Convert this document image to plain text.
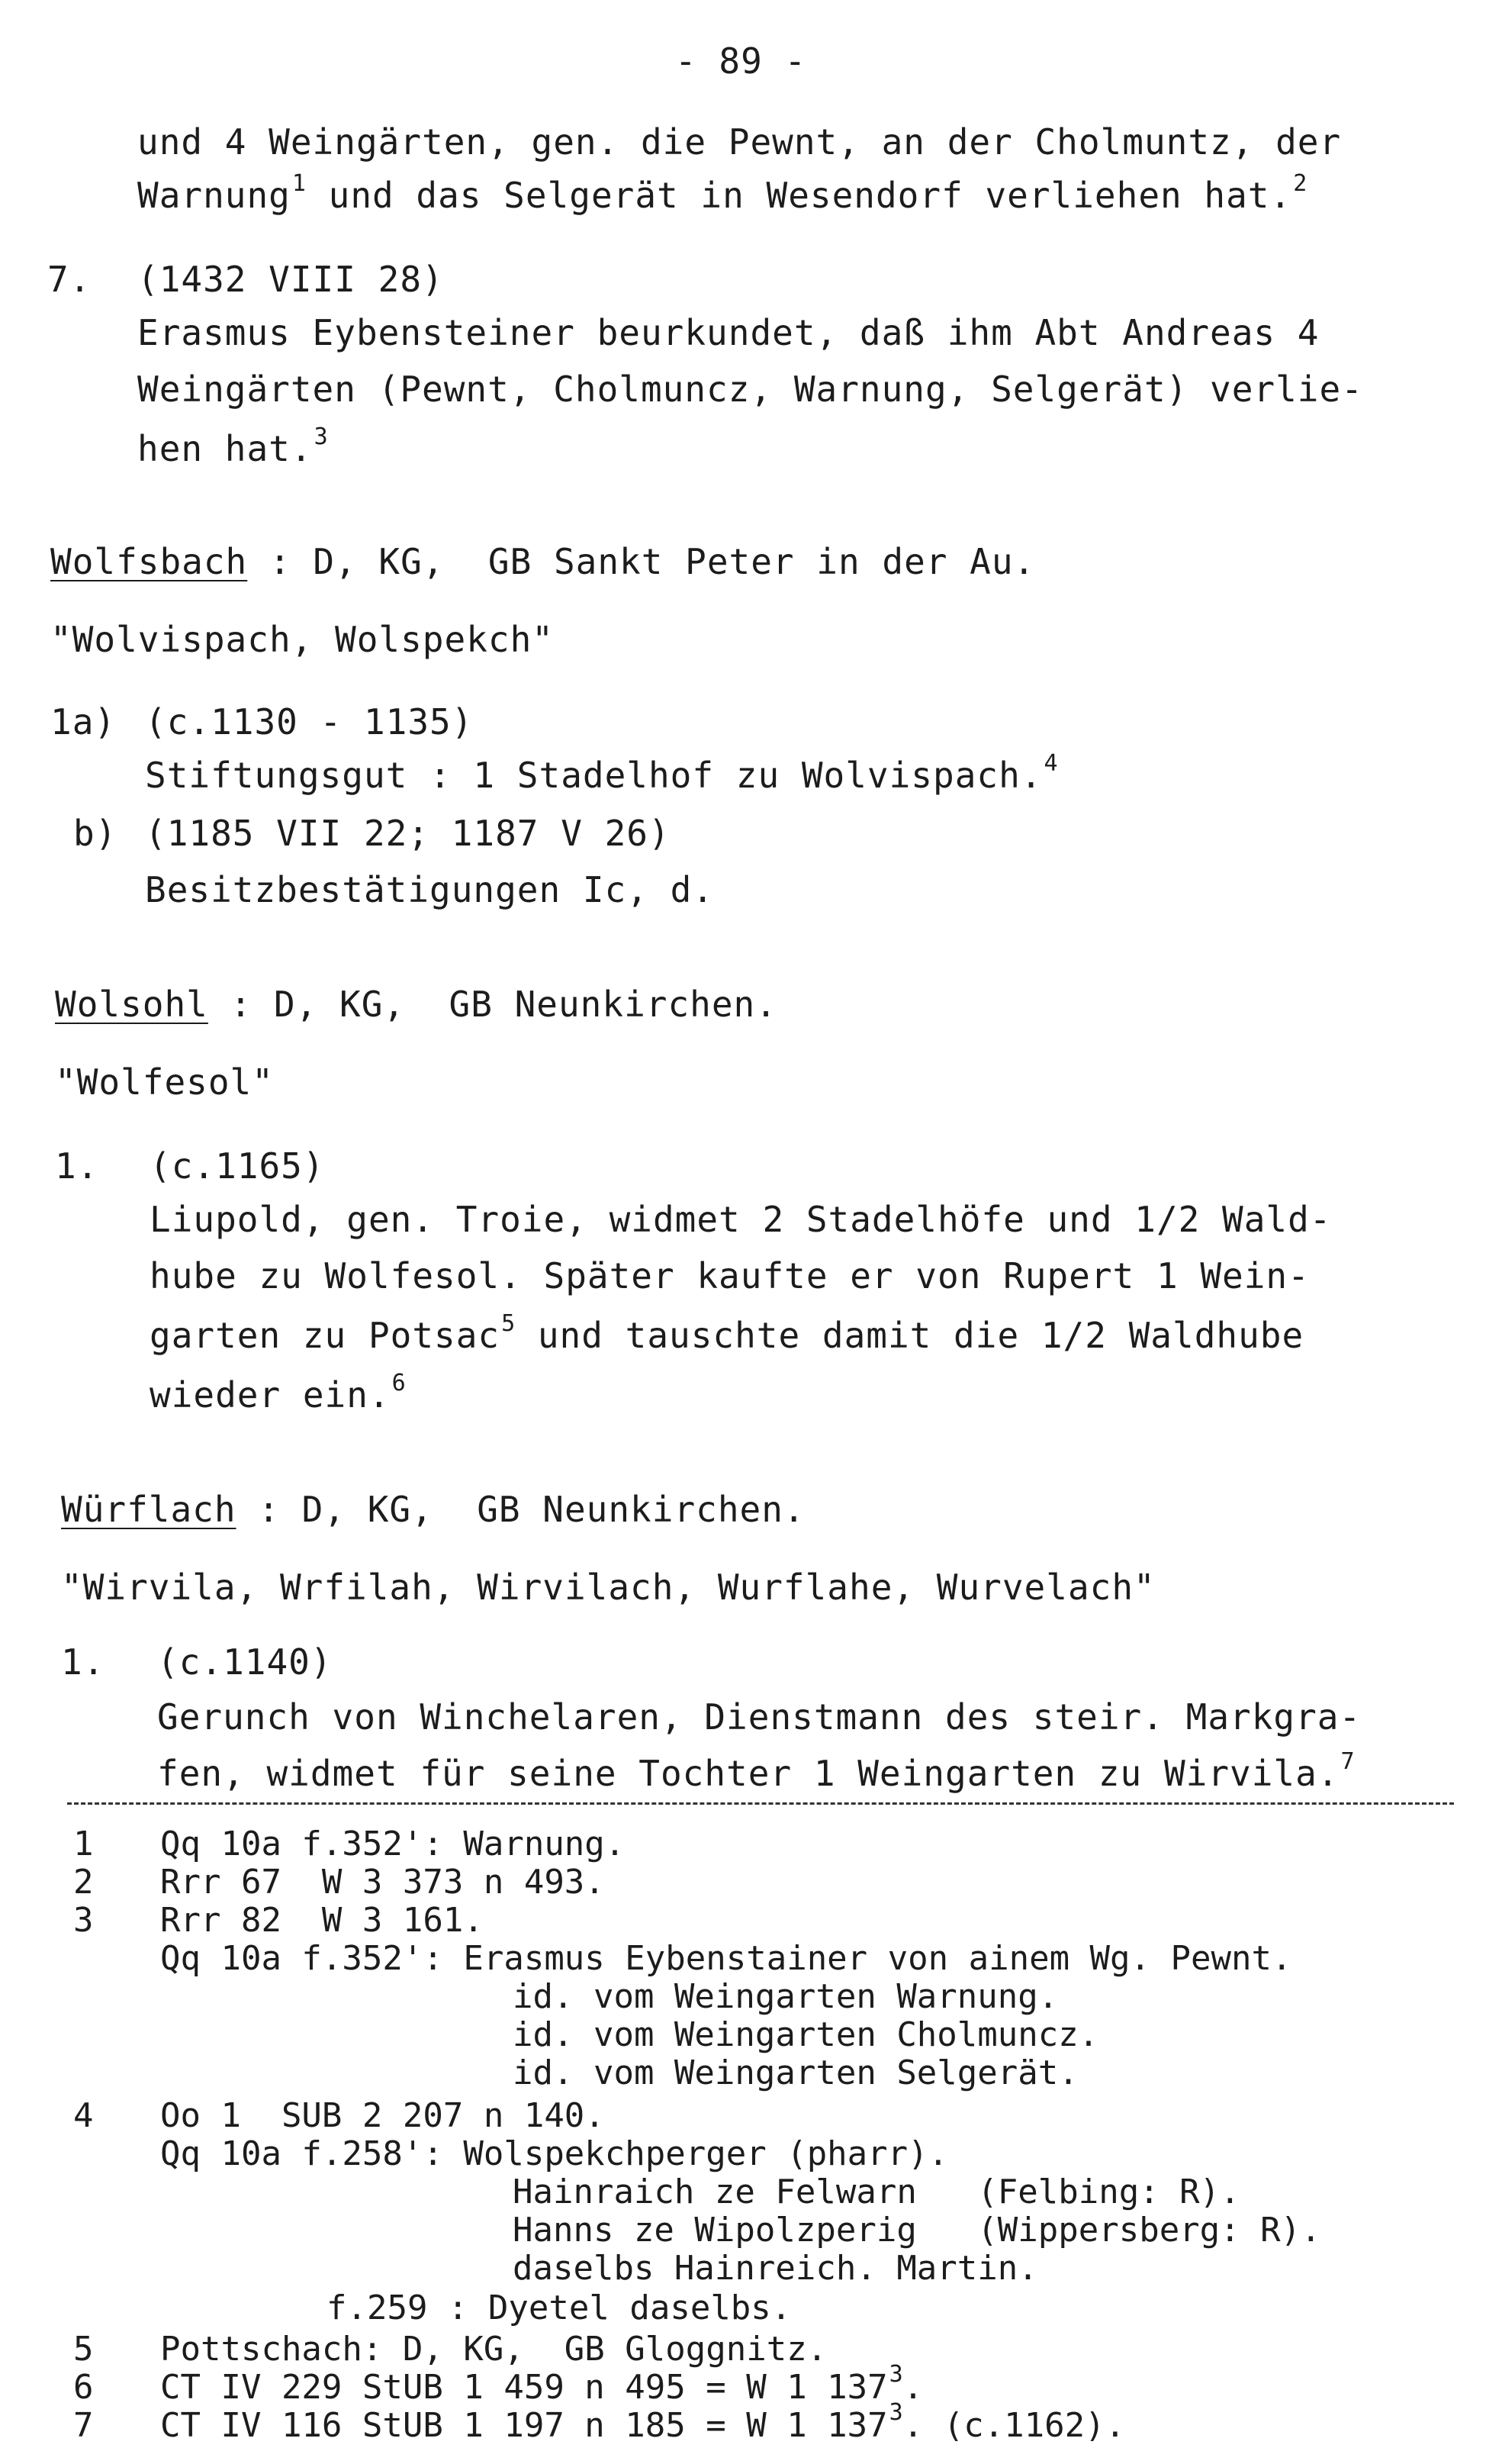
- 89 -
und 4 Weingärten, gen. die Pewnt, an der Cholmuntz, der
Warnung$^1$ und das Selgerät in Wesendorf verliehen hat.$^2$
7. (1432 VIII 28)
Erasmus Eybensteiner beurkundet, daß ihm Abt Andreas 4
Weingärten (Pewnt, Cholmuncz, Warnung, Selgerät) verlie-
hen hat.$^3$
Wolfsbach : D, KG,  GB Sankt Peter in der Au.
"Wolvispach, Wolspekch"
1a) (c.1130 - 1135)
Stiftungsgut : 1 Stadelhof zu Wolvispach.$^4$
b) (1185 VII 22; 1187 V 26)
Besitzbestätigungen Ic, d.
Wolsohl : D, KG,  GB Neunkirchen.
"Wolfesol"
1. (c.1165)
Liupold, gen. Troie, widmet 2 Stadelhöfe und 1/2 Wald-
hube zu Wolfesol. Später kaufte er von Rupert 1 Wein-
garten zu Potsac$^5$ und tauschte damit die 1/2 Waldhube
wieder ein.$^6$
Würflach : D, KG,  GB Neunkirchen.
"Wirvila, Wrfilah, Wirvilach, Wurflahe, Wurvelach"
1. (c.1140)
Gerunch von Winchelaren, Dienstmann des steir. Markgra-
fen, widmet für seine Tochter 1 Weingarten zu Wirvila.$^7$
1 Qq 10a f.352': Warnung.
2 Rrr 67  W 3 373 n 493.
3 Rrr 82  W 3 161.
Qq 10a f.352': Erasmus Eybenstainer von ainem Wg. Pewnt.
id. vom Weingarten Warnung.
id. vom Weingarten Cholmuncz.
id. vom Weingarten Selgerät.
4 Oo 1  SUB 2 207 n 140.
Qq 10a f.258': Wolspekchperger (pharr).
Hainraich ze Felwarn   (Felbing: R).
Hanns ze Wipolzperig   (Wippersberg: R).
daselbs Hainreich. Martin.
f.259 : Dyetel daselbs.
5 Pottschach: D, KG,  GB Gloggnitz.
6 CT IV 229 StUB 1 459 n 495 = W 1 $137^3$.
7 CT IV 116 StUB 1 197 n 185 = W 1 $137^3$. (c.1162).
